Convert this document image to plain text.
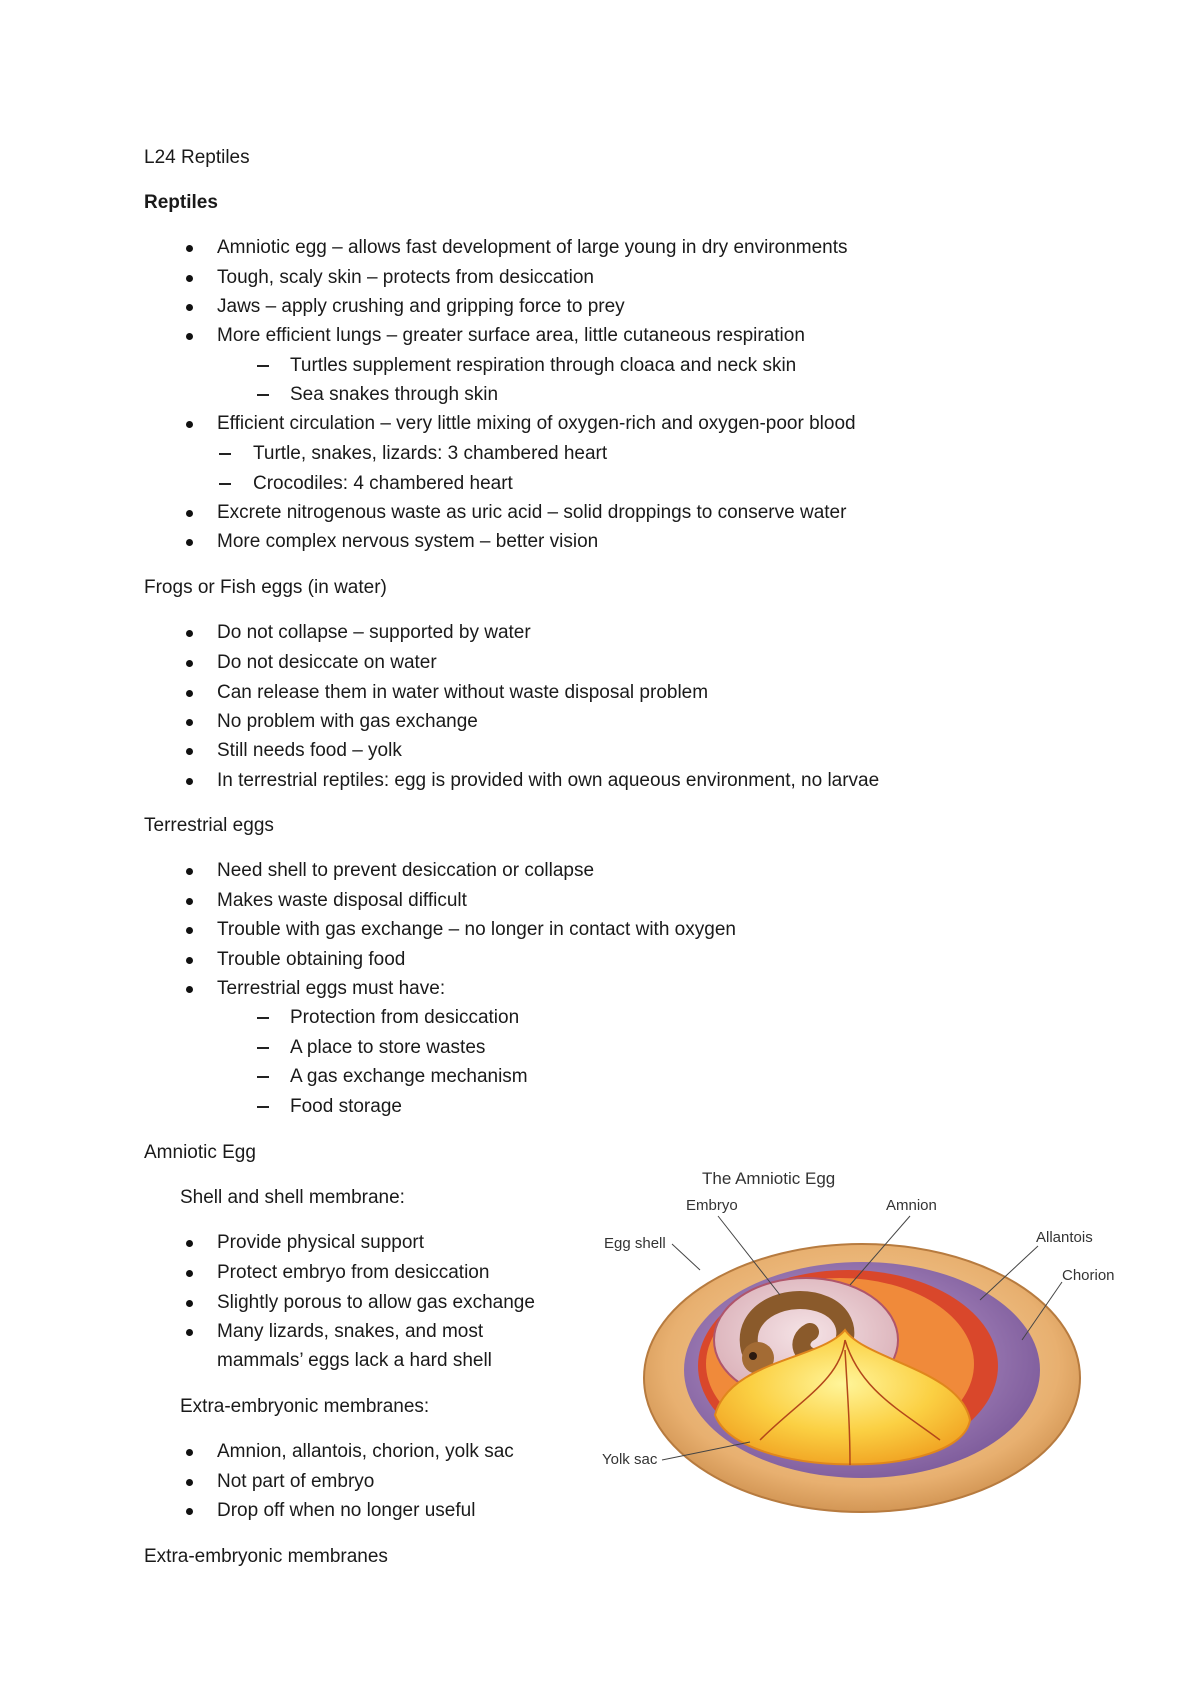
L24 Reptiles
Reptiles
Amniotic egg – allows fast development of large young in dry environments
Tough, scaly skin – protects from desiccation
Jaws – apply crushing and gripping force to prey
More efficient lungs – greater surface area, little cutaneous respiration
Turtles supplement respiration through cloaca and neck skin
Sea snakes through skin
Efficient circulation – very little mixing of oxygen-rich and oxygen-poor blood
Turtle, snakes, lizards: 3 chambered heart
Crocodiles: 4 chambered heart
Excrete nitrogenous waste as uric acid – solid droppings to conserve water
More complex nervous system – better vision
Frogs or Fish eggs (in water)
Do not collapse – supported by water
Do not desiccate on water
Can release them in water without waste disposal problem
No problem with gas exchange
Still needs food – yolk
In terrestrial reptiles: egg is provided with own aqueous environment, no larvae
Terrestrial eggs
Need shell to prevent desiccation or collapse
Makes waste disposal difficult
Trouble with gas exchange – no longer in contact with oxygen
Trouble obtaining food
Terrestrial eggs must have:
Protection from desiccation
A place to store wastes
A gas exchange mechanism
Food storage
Amniotic Egg
Shell and shell membrane:
Provide physical support
Protect embryo from desiccation
Slightly porous to allow gas exchange
Many lizards, snakes, and most
mammals’ eggs lack a hard shell
Extra-embryonic membranes:
Amnion, allantois, chorion, yolk sac
Not part of embryo
Drop off when no longer useful
Extra-embryonic membranes
The Amniotic Egg
Embryo	Amnion
Egg shell	Allantois
Chorion
Yolk sac
